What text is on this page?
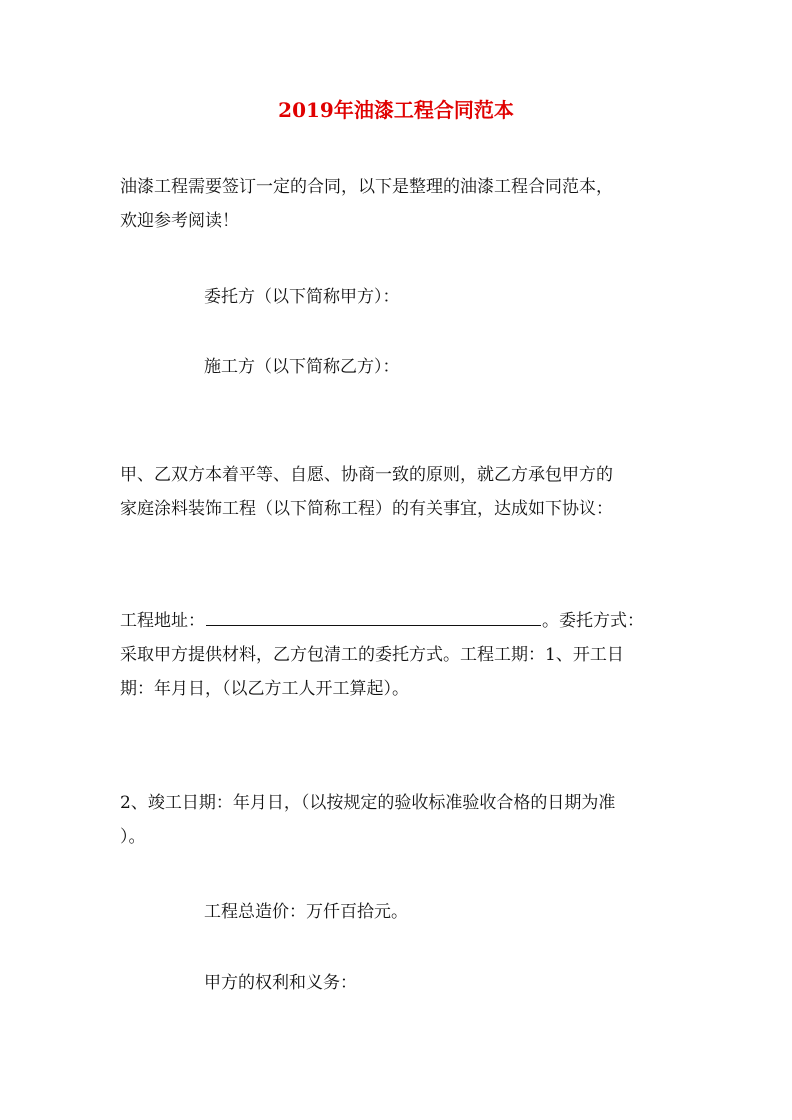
2019年油漆工程合同范本
油漆工程需要签订一定的合同，以下是整理的油漆工程合同范本，
欢迎参考阅读！
委托方（以下简称甲方）：
施工方（以下简称乙方）：
甲、乙双方本着平等、自愿、协商一致的原则，就乙方承包甲方的
家庭涂料装饰工程（以下简称工程）的有关事宜，达成如下协议：
工程地址：	。委托方式：
采取甲方提供材料，乙方包清工的委托方式。工程工期：1、开工日
期：年月日，（以乙方工人开工算起）。
2、竣工日期：年月日，（以按规定的验收标准验收合格的日期为准
）。
工程总造价：万仟百拾元。
甲方的权利和义务：
